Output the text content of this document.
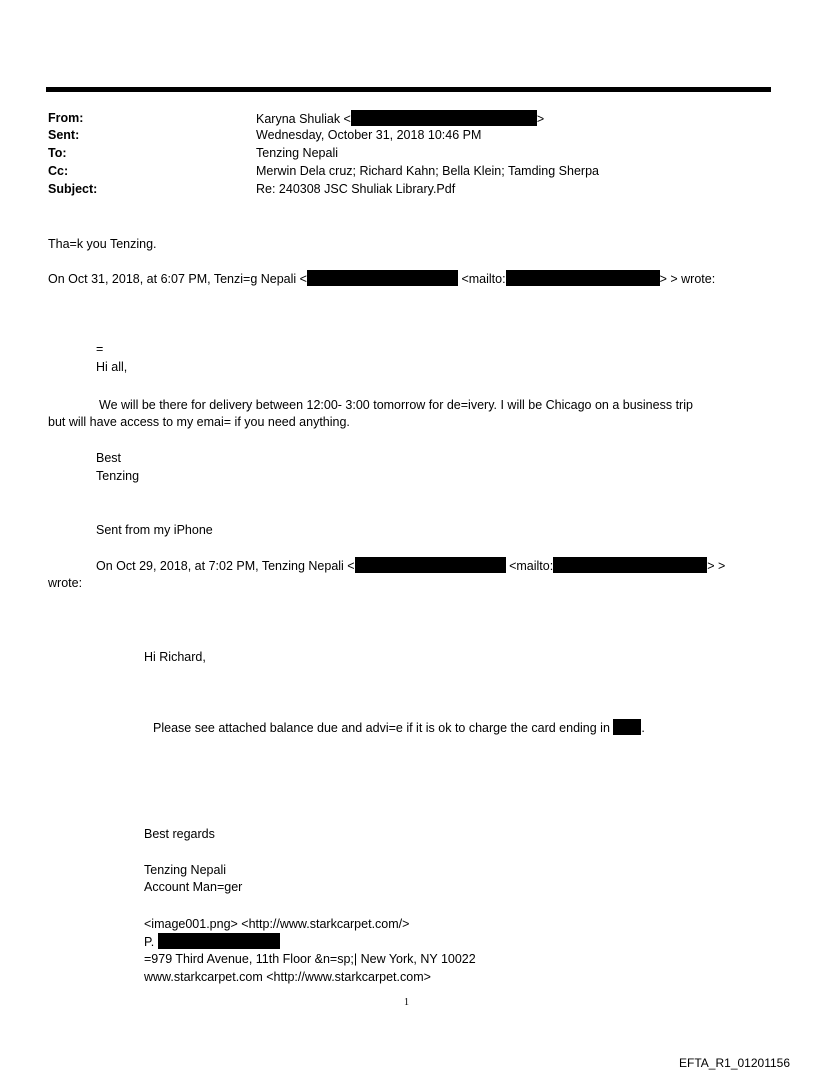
From:	Karyna Shuliak <	>
Sent:	Wednesday, October 31, 2018 10:46 PM
To:	Tenzing Nepali
Cc:	Merwin Dela cruz; Richard Kahn; Bella Klein; Tamding Sherpa
Subject:	Re: 240308 JSC Shuliak Library.Pdf
Tha=k you Tenzing.
On Oct 31, 2018, at 6:07 PM, Tenzi=g Nepali <	<mailto:	> > wrote:
=
Hi all,
We will be there for delivery between 12:00- 3:00 tomorrow for de=ivery. I will be Chicago on a business trip
but will have access to my emai= if you need anything.
Best
Tenzing
Sent from my iPhone
On Oct 29, 2018, at 7:02 PM, Tenzing Nepali <	<mailto:	> >
wrote:
Hi Richard,
Please see attached balance due and advi=e if it is ok to charge the card ending in	.
Best regards
Tenzing Nepali
Account Man=ger
<image001.png> <http://www.starkcarpet.com/>
P.
=979 Third Avenue, 11th Floor &n=sp;| New York, NY 10022
www.starkcarpet.com <http://www.starkcarpet.com>
1
EFTA_R1_01201156
